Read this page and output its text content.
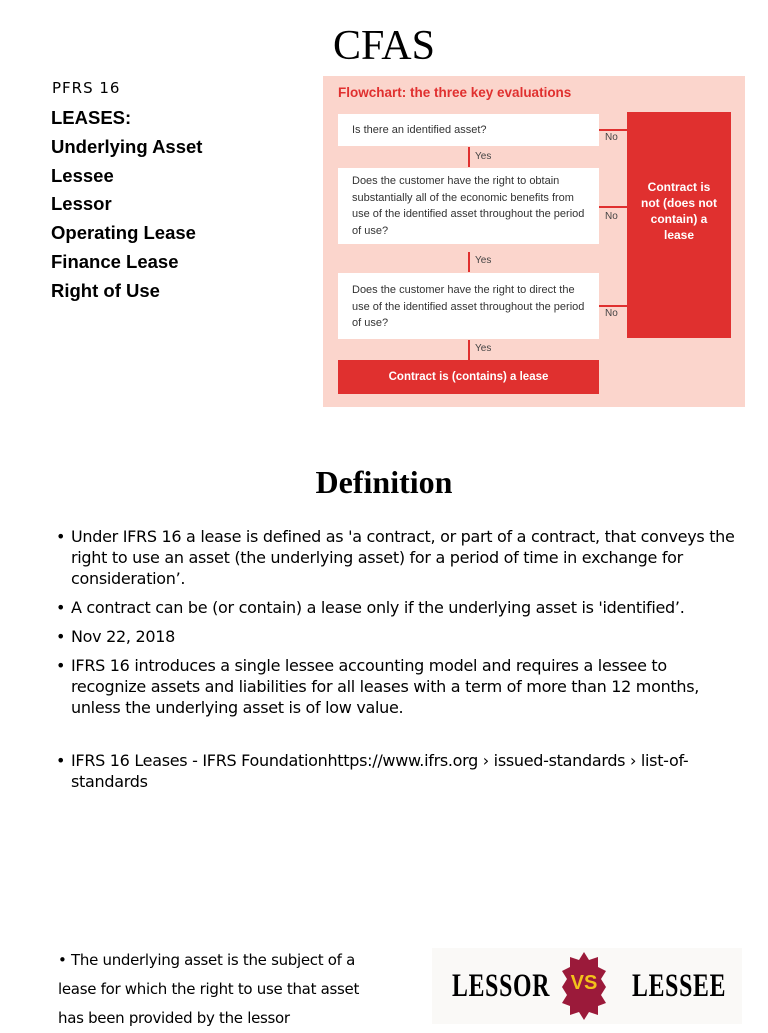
CFAS
PFRS 16
LEASES:
Underlying Asset
Lessee
Lessor
Operating Lease
Finance Lease
Right of Use
Flowchart: the three key evaluations
Is there an identified asset?
Yes
Does the customer have the right to obtain substantially all of the economic benefits from use of the identified asset throughout the period of use?
Yes
Does the customer have the right to direct the use of the identified asset throughout the period of use?
Yes
No
No
No
Contract is not (does not contain) a lease
Contract is (contains) a lease
Definition
• Under IFRS 16 a lease is defined as 'a contract, or part of a contract, that conveys the right to use an asset (the underlying asset) for a period of time in exchange for consideration’.
• A contract can be (or contain) a lease only if the underlying asset is 'identified’.
• Nov 22, 2018
• IFRS 16 introduces a single lessee accounting model and requires a lessee to recognize assets and liabilities for all leases with a term of more than 12 months, unless the underlying asset is of low value.
• IFRS 16 Leases - IFRS Foundationhttps://www.ifrs.org › issued-standards › list-of-standards
• The underlying asset is the subject of a lease for which the right to use that asset has been provided by the lessor
LESSOR	VS LESSEE
